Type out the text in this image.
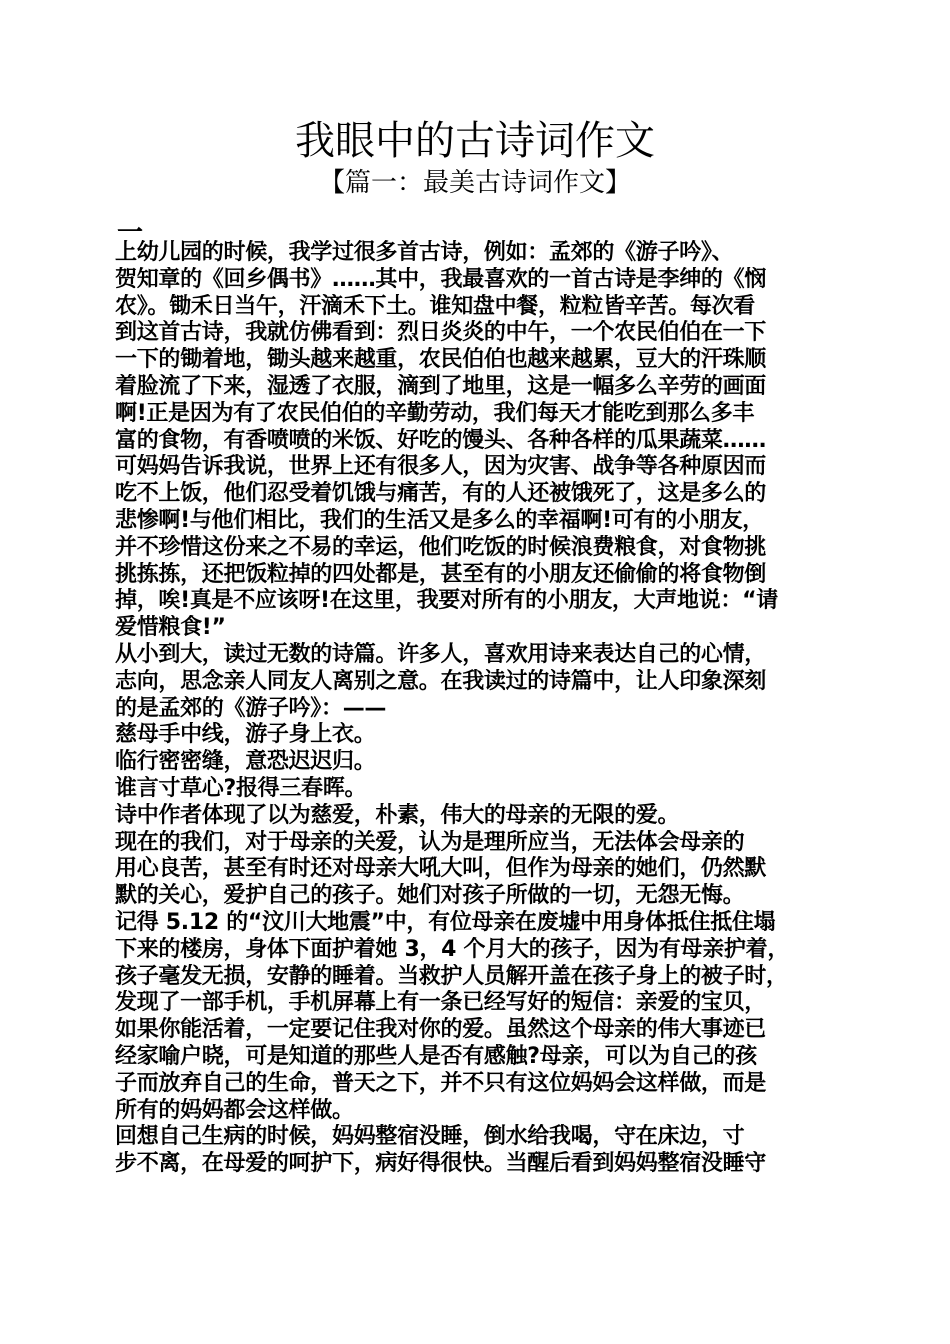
我眼中的古诗词作文
【篇一：最美古诗词作文】
一
上幼儿园的时候，我学过很多首古诗，例如：孟郊的《游子吟》、
贺知章的《回乡偶书》……其中，我最喜欢的一首古诗是李绅的《悯
农》。锄禾日当午，汗滴禾下土。谁知盘中餐，粒粒皆辛苦。每次看
到这首古诗，我就仿佛看到：烈日炎炎的中午，一个农民伯伯在一下
一下的锄着地，锄头越来越重，农民伯伯也越来越累，豆大的汗珠顺
着脸流了下来，湿透了衣服，滴到了地里，这是一幅多么辛劳的画面
啊!正是因为有了农民伯伯的辛勤劳动，我们每天才能吃到那么多丰
富的食物，有香喷喷的米饭、好吃的馒头、各种各样的瓜果蔬菜……
可妈妈告诉我说，世界上还有很多人，因为灾害、战争等各种原因而
吃不上饭，他们忍受着饥饿与痛苦，有的人还被饿死了，这是多么的
悲惨啊!与他们相比，我们的生活又是多么的幸福啊!可有的小朋友，
并不珍惜这份来之不易的幸运，他们吃饭的时候浪费粮食，对食物挑
挑拣拣，还把饭粒掉的四处都是，甚至有的小朋友还偷偷的将食物倒
掉，唉!真是不应该呀!在这里，我要对所有的小朋友，大声地说：“请
爱惜粮食!”
从小到大，读过无数的诗篇。许多人，喜欢用诗来表达自己的心情，
志向，思念亲人同友人离别之意。在我读过的诗篇中，让人印象深刻
的是孟郊的《游子吟》：——
慈母手中线，游子身上衣。
临行密密缝，意恐迟迟归。
谁言寸草心?报得三春晖。
诗中作者体现了以为慈爱，朴素，伟大的母亲的无限的爱。
现在的我们，对于母亲的关爱，认为是理所应当，无法体会母亲的
用心良苦，甚至有时还对母亲大吼大叫，但作为母亲的她们，仍然默
默的关心，爱护自己的孩子。她们对孩子所做的一切，无怨无悔。
记得 5.12 的“汶川大地震”中，有位母亲在废墟中用身体抵住抵住塌
下来的楼房，身体下面护着她 3，4 个月大的孩子，因为有母亲护着，
孩子毫发无损，安静的睡着。当救护人员解开盖在孩子身上的被子时，
发现了一部手机，手机屏幕上有一条已经写好的短信：亲爱的宝贝，
如果你能活着，一定要记住我对你的爱。虽然这个母亲的伟大事迹已
经家喻户晓，可是知道的那些人是否有感触?母亲，可以为自己的孩
子而放弃自己的生命，普天之下，并不只有这位妈妈会这样做，而是
所有的妈妈都会这样做。
回想自己生病的时候，妈妈整宿没睡，倒水给我喝，守在床边，寸
步不离，在母爱的呵护下，病好得很快。当醒后看到妈妈整宿没睡守
